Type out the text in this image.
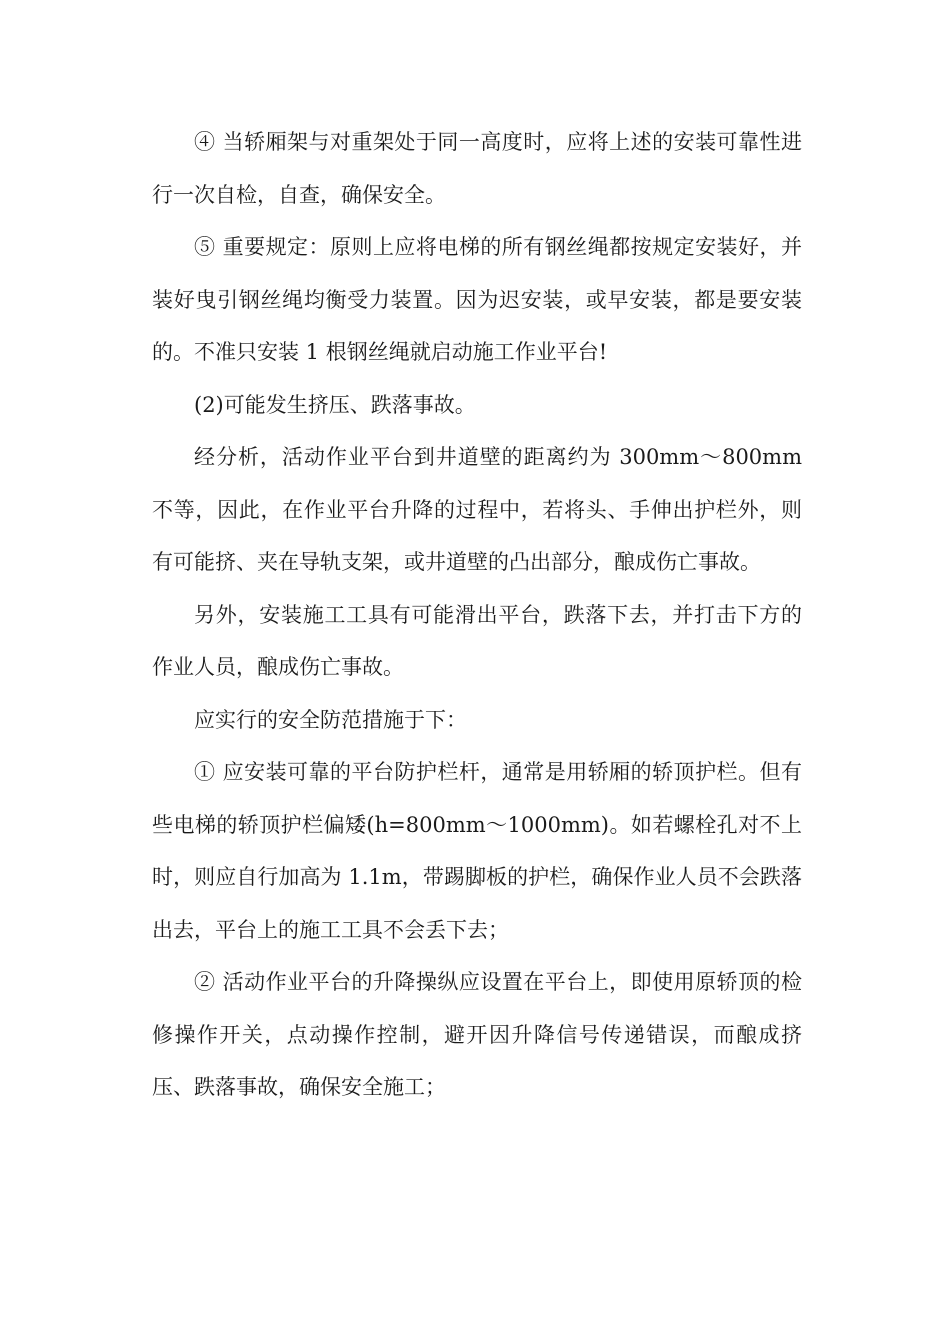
④ 当轿厢架与对重架处于同一高度时，应将上述的安装可靠性进行一次自检，自查，确保安全。

⑤ 重要规定：原则上应将电梯的所有钢丝绳都按规定安装好，并装好曳引钢丝绳均衡受力装置。因为迟安装，或早安装，都是要安装的。不准只安装 1 根钢丝绳就启动施工作业平台!

(2)可能发生挤压、跌落事故。

经分析，活动作业平台到井道壁的距离约为 300mm～800mm 不等，因此，在作业平台升降的过程中，若将头、手伸出护栏外，则有可能挤、夹在导轨支架，或井道壁的凸出部分，酿成伤亡事故。

另外，安装施工工具有可能滑出平台，跌落下去，并打击下方的作业人员，酿成伤亡事故。

应实行的安全防范措施于下：

① 应安装可靠的平台防护栏杆，通常是用轿厢的轿顶护栏。但有些电梯的轿顶护栏偏矮(h=800mm～1000mm)。如若螺栓孔对不上时，则应自行加高为 1.1m，带踢脚板的护栏，确保作业人员不会跌落出去，平台上的施工工具不会丢下去；

② 活动作业平台的升降操纵应设置在平台上，即使用原轿顶的检修操作开关，点动操作控制，避开因升降信号传递错误，而酿成挤压、跌落事故，确保安全施工；
